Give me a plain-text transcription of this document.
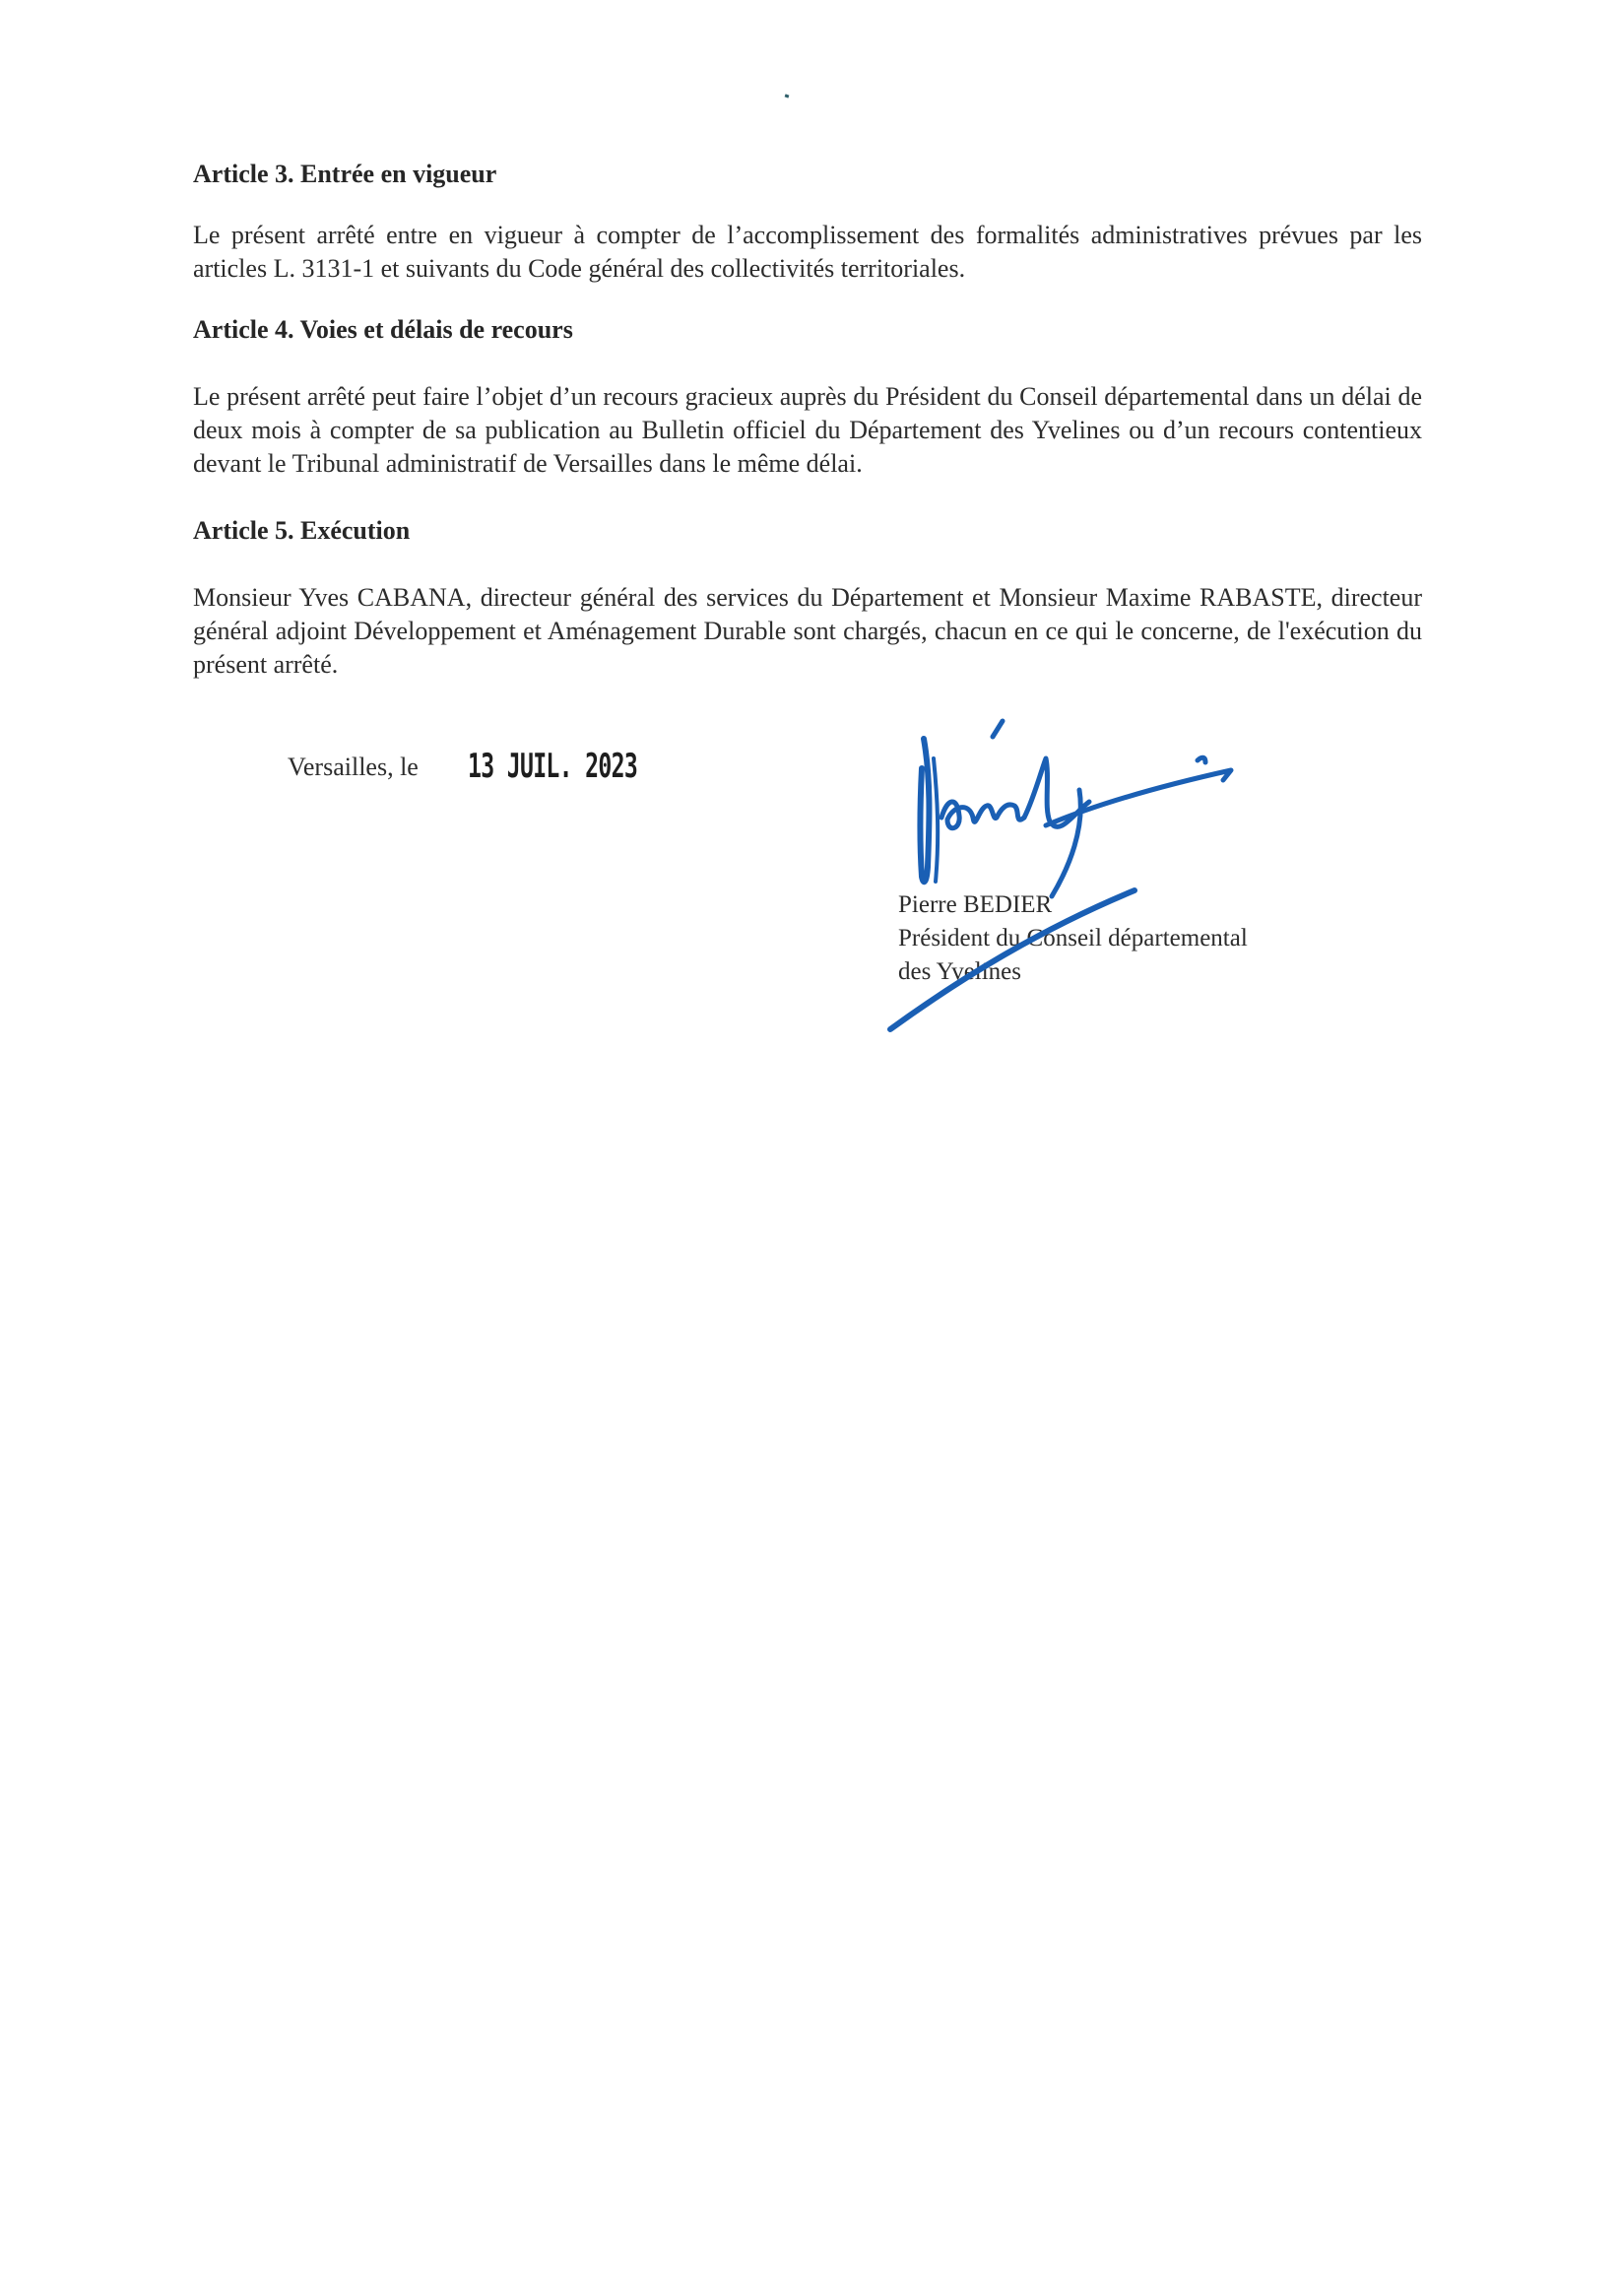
Article 3. Entrée en vigueur

Le présent arrêté entre en vigueur à compter de l’accomplissement des formalités administratives prévues par les articles L. 3131-1 et suivants du Code général des collectivités territoriales.

Article 4. Voies et délais de recours

Le présent arrêté peut faire l’objet d’un recours gracieux auprès du Président du Conseil départemental dans un délai de deux mois à compter de sa publication au Bulletin officiel du Département des Yvelines ou d’un recours contentieux devant le Tribunal administratif de Versailles dans le même délai.

Article 5. Exécution

Monsieur Yves CABANA, directeur général des services du Département et Monsieur Maxime RABASTE, directeur général adjoint Développement et Aménagement Durable sont chargés, chacun en ce qui le concerne, de l'exécution du présent arrêté.

Versailles, le 13 JUIL. 2023
Pierre BEDIER
Président du Conseil départemental
des Yvelines
